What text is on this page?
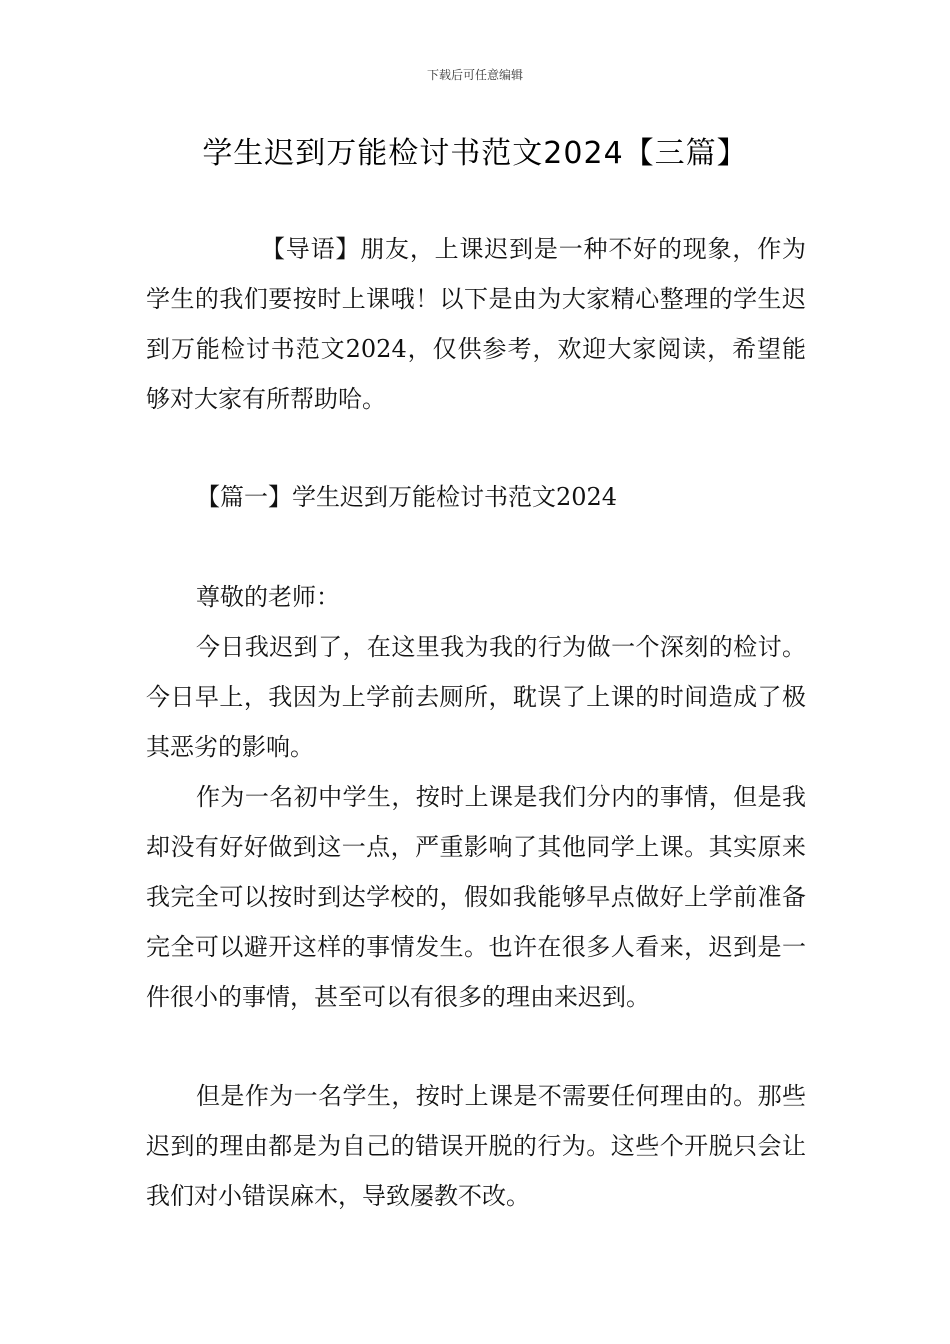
下载后可任意编辑
学生迟到万能检讨书范文2024【三篇】

【导语】朋友，上课迟到是一种不好的现象，作为学生的我们要按时上课哦！以下是由为大家精心整理的学生迟到万能检讨书范文2024，仅供参考，欢迎大家阅读，希望能够对大家有所帮助哈。

【篇一】学生迟到万能检讨书范文2024

尊敬的老师：

今日我迟到了，在这里我为我的行为做一个深刻的检讨。今日早上，我因为上学前去厕所，耽误了上课的时间造成了极其恶劣的影响。

作为一名初中学生，按时上课是我们分内的事情，但是我却没有好好做到这一点，严重影响了其他同学上课。其实原来我完全可以按时到达学校的，假如我能够早点做好上学前准备完全可以避开这样的事情发生。也许在很多人看来，迟到是一件很小的事情，甚至可以有很多的理由来迟到。

但是作为一名学生，按时上课是不需要任何理由的。那些迟到的理由都是为自己的错误开脱的行为。这些个开脱只会让我们对小错误麻木，导致屡教不改。
